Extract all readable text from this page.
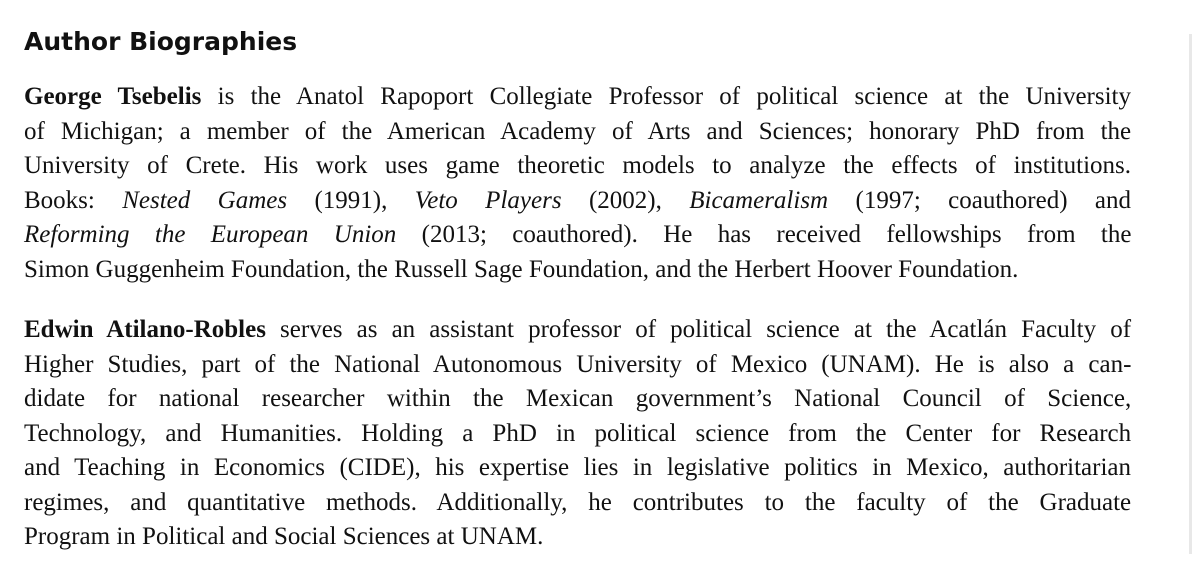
Author Biographies

George Tsebelis is the Anatol Rapoport Collegiate Professor of political science at the University
of Michigan; a member of the American Academy of Arts and Sciences; honorary PhD from the
University of Crete. His work uses game theoretic models to analyze the effects of institutions.
Books: Nested Games (1991), Veto Players (2002), Bicameralism (1997; coauthored) and
Reforming the European Union (2013; coauthored). He has received fellowships from the
Simon Guggenheim Foundation, the Russell Sage Foundation, and the Herbert Hoover Foundation.

Edwin Atilano-Robles serves as an assistant professor of political science at the Acatlán Faculty of
Higher Studies, part of the National Autonomous University of Mexico (UNAM). He is also a can-
didate for national researcher within the Mexican government’s National Council of Science,
Technology, and Humanities. Holding a PhD in political science from the Center for Research
and Teaching in Economics (CIDE), his expertise lies in legislative politics in Mexico, authoritarian
regimes, and quantitative methods. Additionally, he contributes to the faculty of the Graduate
Program in Political and Social Sciences at UNAM.
